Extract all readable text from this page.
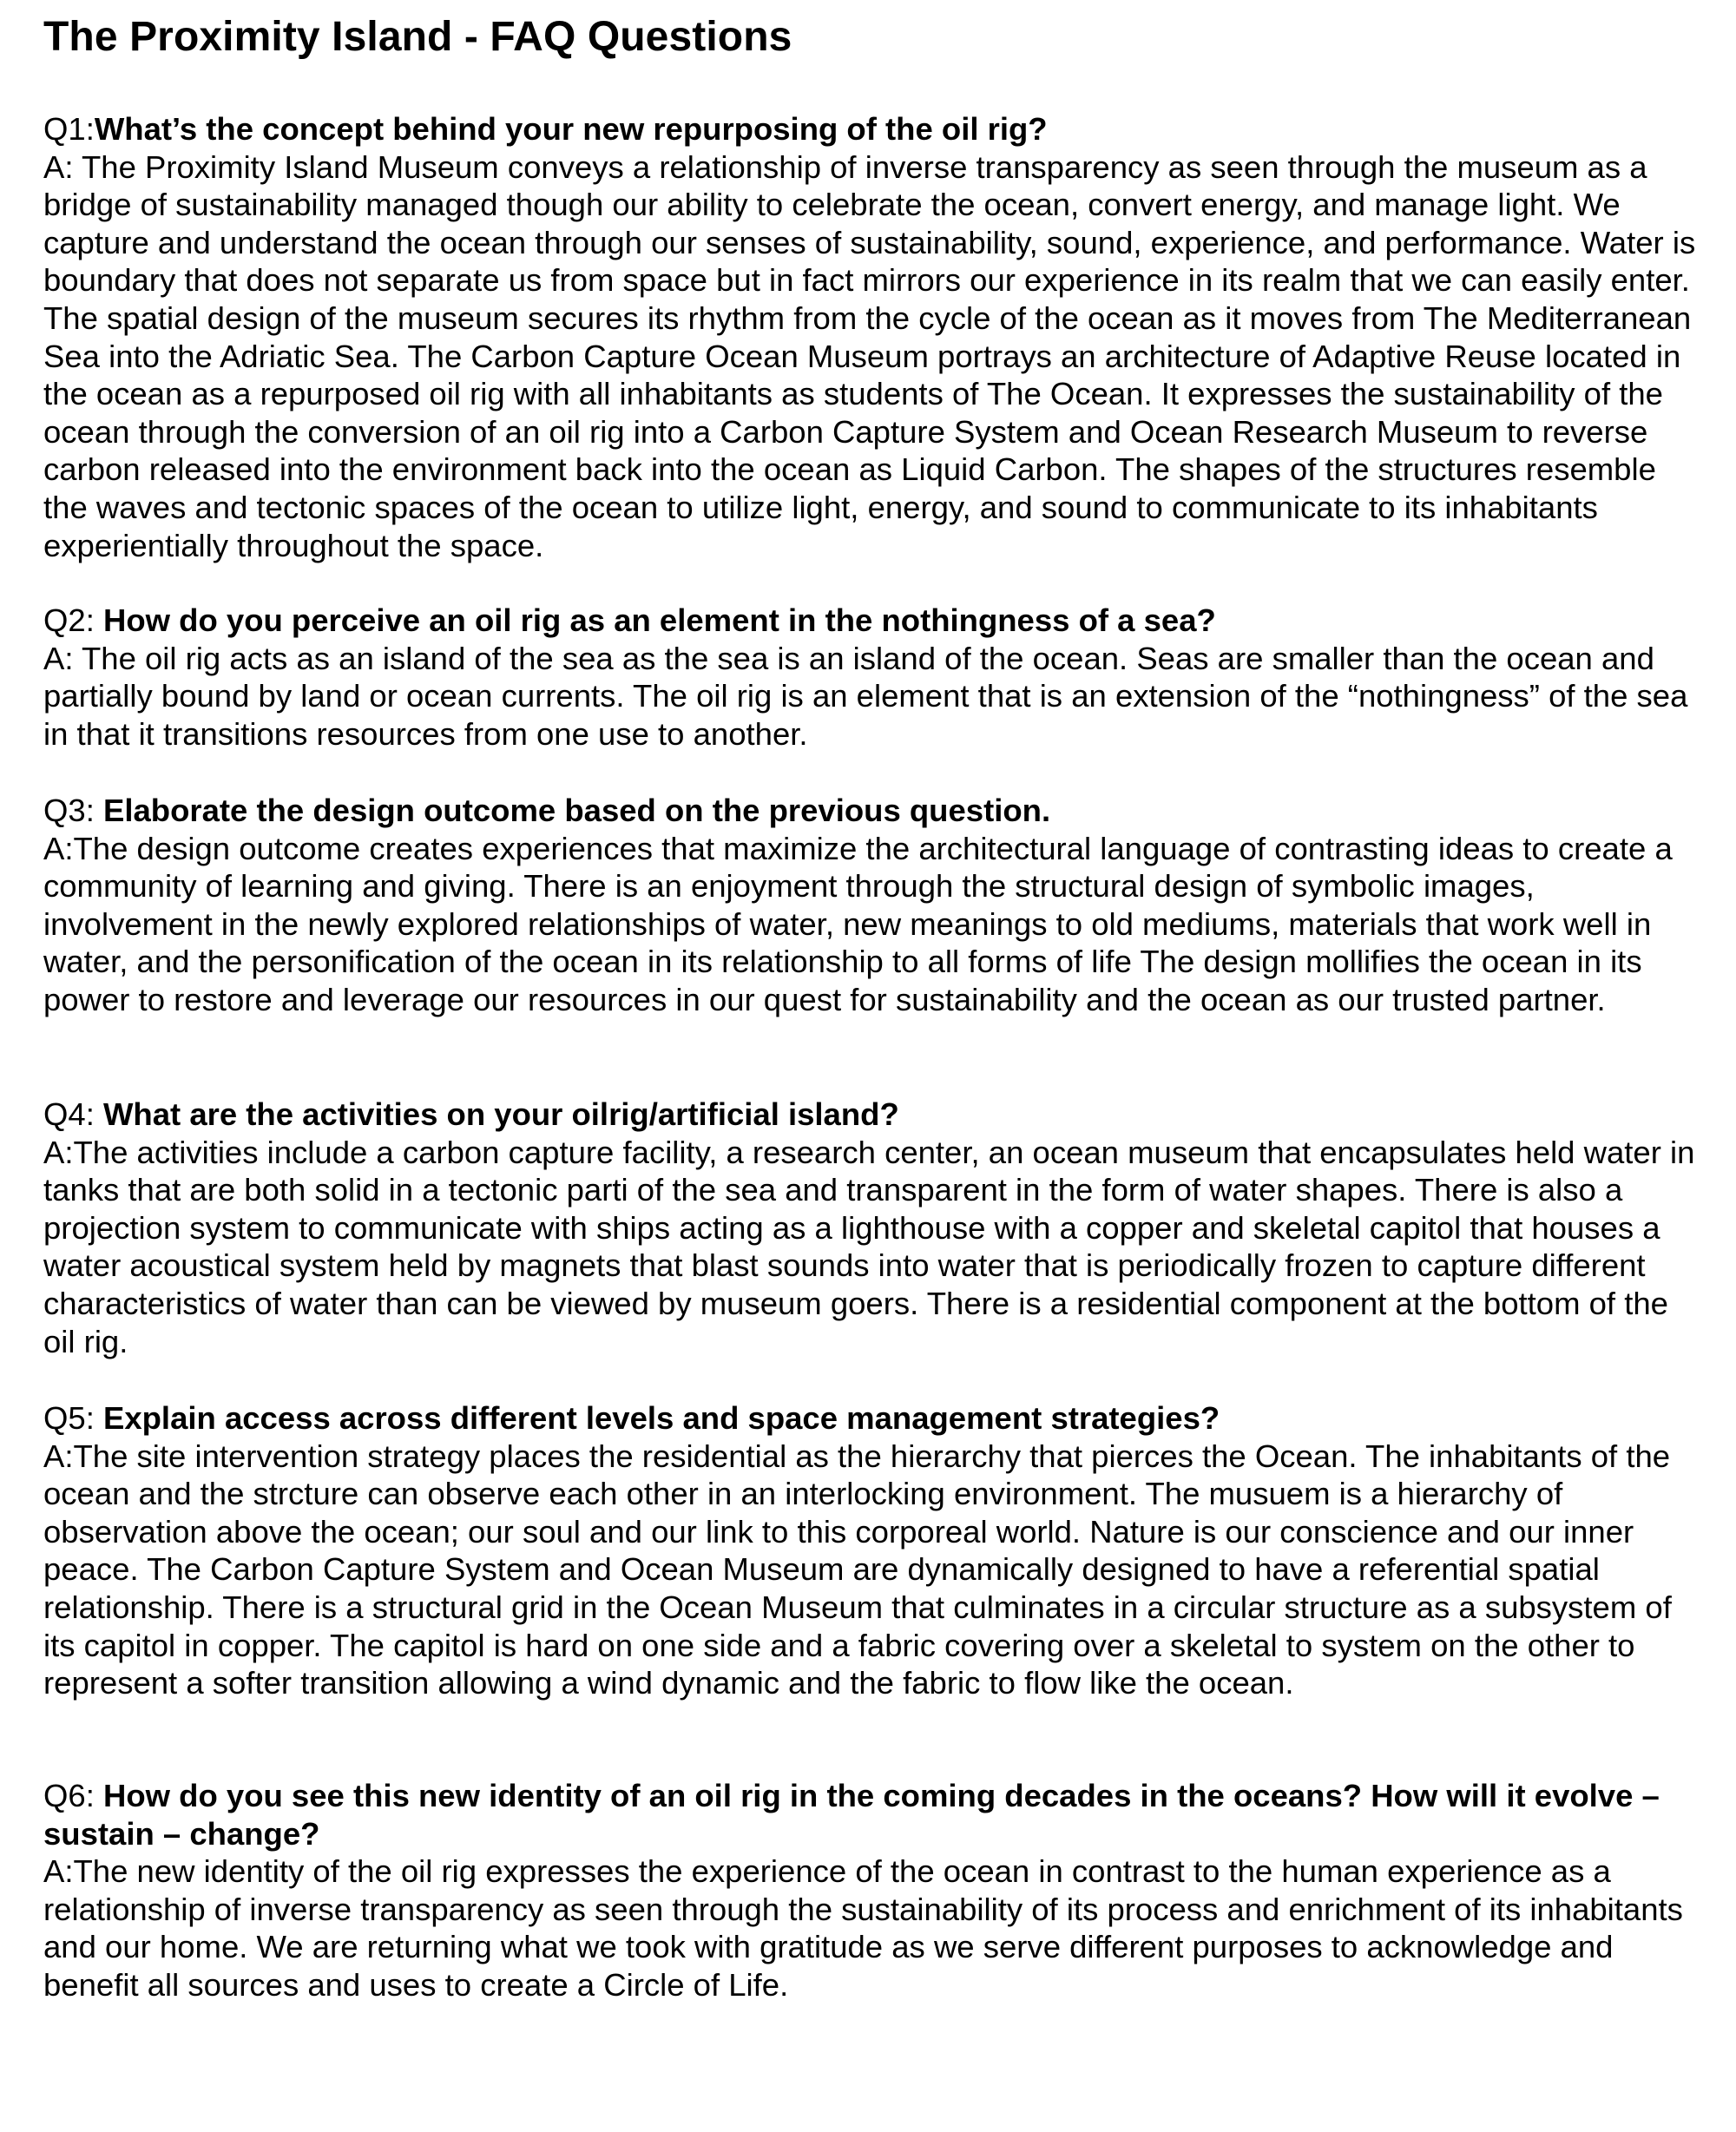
The Proximity Island - FAQ Questions

Q1:What’s the concept behind your new repurposing of the oil rig?

A: The Proximity Island Museum conveys a relationship of inverse transparency as seen through the museum as a bridge of sustainability managed though our ability to celebrate the ocean, convert energy, and manage light. We capture and understand the ocean through our senses of sustainability, sound, experience, and performance. Water is boundary that does not separate us from space but in fact mirrors our experience in its realm that we can easily enter. The spatial design of the museum secures its rhythm from the cycle of the ocean as it moves from The Mediterranean Sea into the Adriatic Sea. The Carbon Capture Ocean Museum portrays an architecture of Adaptive Reuse located in the ocean as a repurposed oil rig with all inhabitants as students of The Ocean. It expresses the sustainability of the ocean through the conversion of an oil rig into a Carbon Capture System and Ocean Research Museum to reverse carbon released into the environment back into the ocean as Liquid Carbon. The shapes of the structures resemble the waves and tectonic spaces of the ocean to utilize light, energy, and sound to communicate to its inhabitants experientially throughout the space.

Q2: How do you perceive an oil rig as an element in the nothingness of a sea?

A: The oil rig acts as an island of the sea as the sea is an island of the ocean. Seas are smaller than the ocean and partially bound by land or ocean currents. The oil rig is an element that is an extension of the “nothingness” of the sea in that it transitions resources from one use to another.

Q3: Elaborate the design outcome based on the previous question.

A:The design outcome creates experiences that maximize the architectural language of contrasting ideas to create a community of learning and giving. There is an enjoyment through the structural design of symbolic images, involvement in the newly explored relationships of water, new meanings to old mediums, materials that work well in water, and the personification of the ocean in its relationship to all forms of life The design mollifies the ocean in its power to restore and leverage our resources in our quest for sustainability and the ocean as our trusted partner.

Q4: What are the activities on your oilrig/artificial island?

A:The activities include a carbon capture facility, a research center, an ocean museum that encapsulates held water in tanks that are both solid in a tectonic parti of the sea and transparent in the form of water shapes. There is also a projection system to communicate with ships acting as a lighthouse with a copper and skeletal capitol that houses a water acoustical system held by magnets that blast sounds into water that is periodically frozen to capture different characteristics of water than can be viewed by museum goers. There is a residential component at the bottom of the oil rig.

Q5: Explain access across different levels and space management strategies?

A:The site intervention strategy places the residential as the hierarchy that pierces the Ocean. The inhabitants of the ocean and the strcture can observe each other in an interlocking environment. The musuem is a hierarchy of observation above the ocean; our soul and our link to this corporeal world. Nature is our conscience and our inner peace. The Carbon Capture System and Ocean Museum are dynamically designed to have a referential spatial relationship. There is a structural grid in the Ocean Museum that culminates in a circular structure as a subsystem of its capitol in copper. The capitol is hard on one side and a fabric covering over a skeletal to system on the other to represent a softer transition allowing a wind dynamic and the fabric to flow like the ocean.

Q6: How do you see this new identity of an oil rig in the coming decades in the oceans? How will it evolve – sustain – change?

A:The new identity of the oil rig expresses the experience of the ocean in contrast to the human experience as a relationship of inverse transparency as seen through the sustainability of its process and enrichment of its inhabitants and our home. We are returning what we took with gratitude as we serve different purposes to acknowledge and benefit all sources and uses to create a Circle of Life.
